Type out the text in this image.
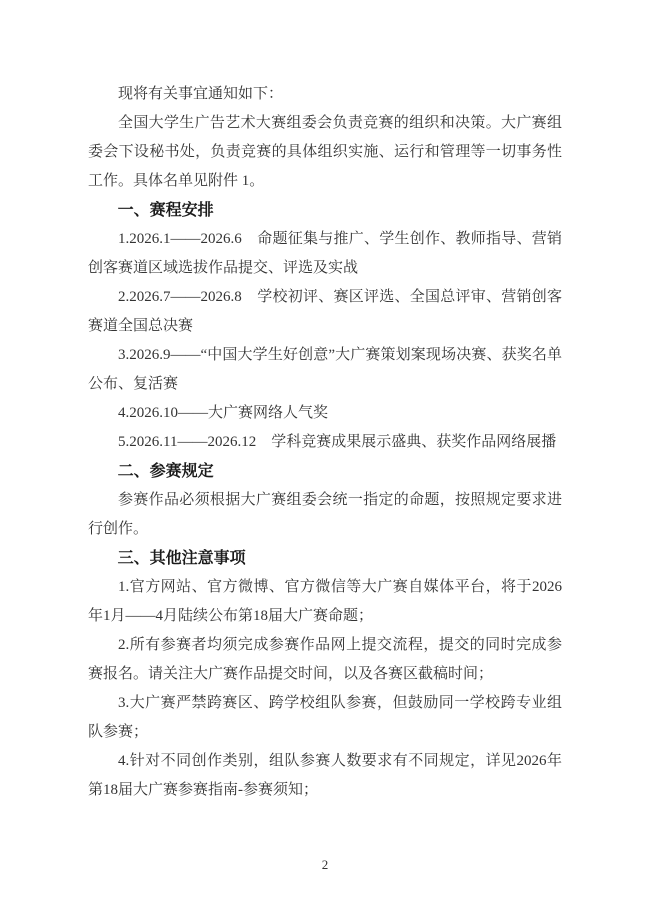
现将有关事宜通知如下：

全国大学生广告艺术大赛组委会负责竞赛的组织和决策。大广赛组委会下设秘书处，负责竞赛的具体组织实施、运行和管理等一切事务性工作。具体名单见附件 1。

一、赛程安排

1.2026.1——2026.6　命题征集与推广、学生创作、教师指导、营销创客赛道区域选拔作品提交、评选及实战

2.2026.7——2026.8　学校初评、赛区评选、全国总评审、营销创客赛道全国总决赛

3.2026.9——“中国大学生好创意”大广赛策划案现场决赛、获奖名单公布、复活赛

4.2026.10——大广赛网络人气奖

5.2026.11——2026.12　学科竞赛成果展示盛典、获奖作品网络展播

二、参赛规定

参赛作品必须根据大广赛组委会统一指定的命题，按照规定要求进行创作。

三、其他注意事项

1.官方网站、官方微博、官方微信等大广赛自媒体平台，将于2026年1月——4月陆续公布第18届大广赛命题；

2.所有参赛者均须完成参赛作品网上提交流程，提交的同时完成参赛报名。请关注大广赛作品提交时间，以及各赛区截稿时间；

3.大广赛严禁跨赛区、跨学校组队参赛，但鼓励同一学校跨专业组队参赛；

4.针对不同创作类别，组队参赛人数要求有不同规定，详见2026年第18届大广赛参赛指南-参赛须知；

2
